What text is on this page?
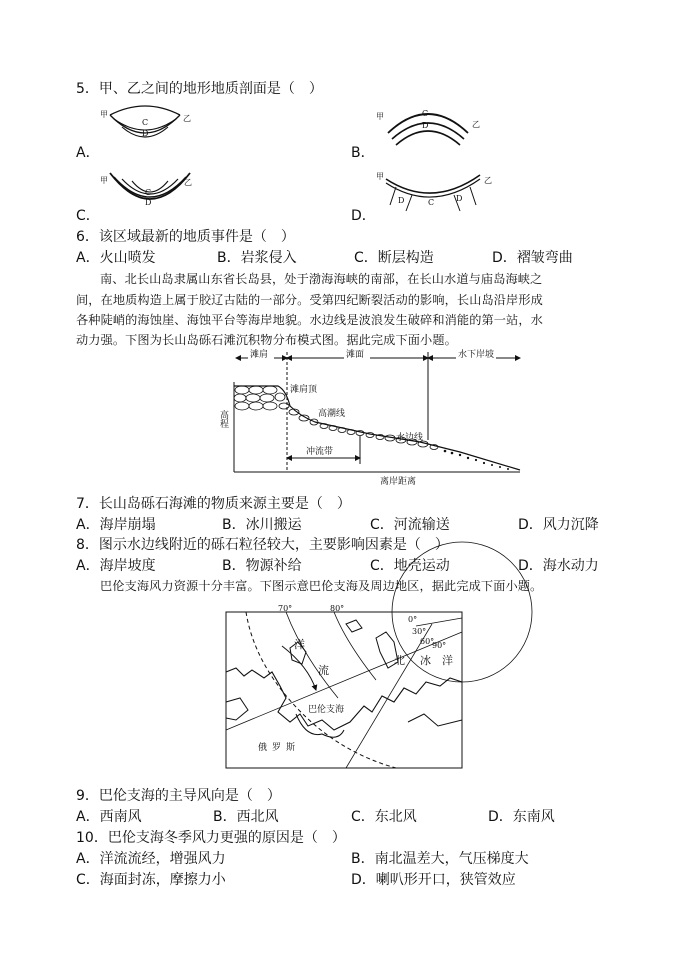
5．甲、乙之间的地形地质剖面是（　）
A．
甲	乙
C
D
B．
甲
乙
C
D
C．
甲	乙
C
D
D．
甲	乙
D	C	D
6．该区域最新的地质事件是（　）
A．火山喷发	B．岩浆侵入	C．断层构造	D．褶皱弯曲
南、北长山岛隶属山东省长岛县，处于渤海海峡的南部，在长山水道与庙岛海峡之
间，在地质构造上属于胶辽古陆的一部分。受第四纪断裂活动的影响，长山岛沿岸形成
各种陡峭的海蚀崖、海蚀平台等海岸地貌。水边线是波浪发生破碎和消能的第一站，水
动力强。下图为长山岛砾石滩沉积物分布模式图。据此完成下面小题。
滩肩	滩面	水下岸坡
高程
滩肩顶
高潮线
水边线
冲流带
离岸距离
7．长山岛砾石海滩的物质来源主要是（　）
A．海岸崩塌	B．冰川搬运	C．河流输送	D．风力沉降
8．图示水边线附近的砾石粒径较大，主要影响因素是（　）
A．海岸坡度	B．物源补给	C．地壳运动	D．海水动力
巴伦支海风力资源十分丰富。下图示意巴伦支海及周边地区，据此完成下面小题。
70°	80°
0°
30°
60°
90°
洋
流
北 冰 洋
巴伦支海
俄 罗 斯
9．巴伦支海的主导风向是（　）
A．西南风	B．西北风	C．东北风	D．东南风
10．巴伦支海冬季风力更强的原因是（　）
A．洋流流经，增强风力	B．南北温差大，气压梯度大
C．海面封冻，摩擦力小	D．喇叭形开口，狭管效应
